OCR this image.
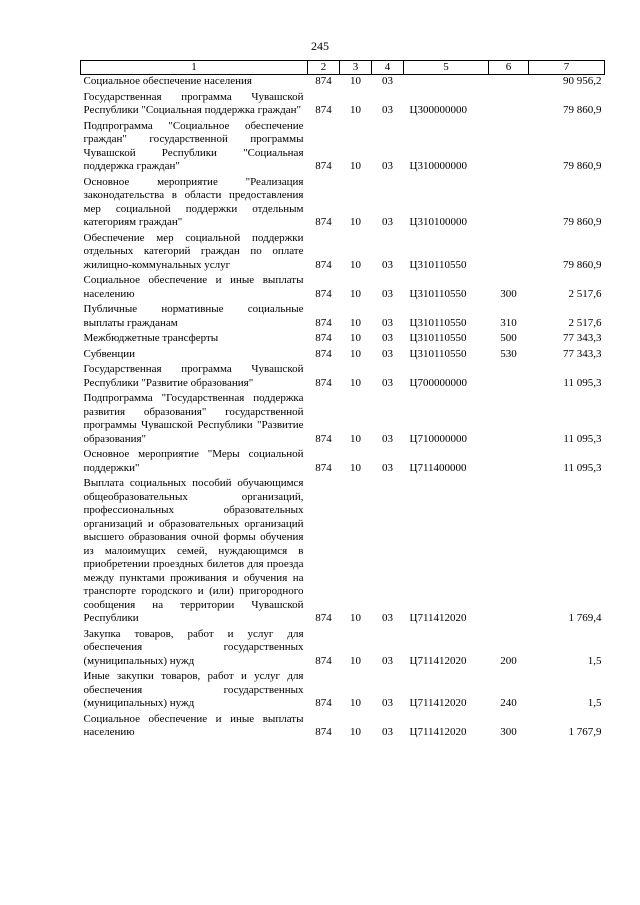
245
1	2	3	4	5	6	7
Социальное обеспечение населения	874	10	03			90 956,2
Государственная программа Чувашской Республики "Социальная поддержка граждан"	874	10	03	Ц300000000		79 860,9
Подпрограмма "Социальное обеспечение граждан" государственной программы Чувашской Республики "Социальная поддержка граждан"	874	10	03	Ц310000000		79 860,9
Основное мероприятие "Реализация законодательства в области предоставления мер социальной поддержки отдельным категориям граждан"	874	10	03	Ц310100000		79 860,9
Обеспечение мер социальной поддержки отдельных категорий граждан по оплате жилищно-коммунальных услуг	874	10	03	Ц310110550		79 860,9
Социальное обеспечение и иные выплаты населению	874	10	03	Ц310110550	300	2 517,6
Публичные нормативные социальные выплаты гражданам	874	10	03	Ц310110550	310	2 517,6
Межбюджетные трансферты	874	10	03	Ц310110550	500	77 343,3
Субвенции	874	10	03	Ц310110550	530	77 343,3
Государственная программа Чувашской Республики "Развитие образования"	874	10	03	Ц700000000		11 095,3
Подпрограмма "Государственная поддержка развития образования" государственной программы Чувашской Республики "Развитие образования"	874	10	03	Ц710000000		11 095,3
Основное мероприятие "Меры социальной поддержки"	874	10	03	Ц711400000		11 095,3
Выплата социальных пособий обучающимся общеобразовательных организаций, профессиональных образовательных организаций и образовательных организаций высшего образования очной формы обучения из малоимущих семей, нуждающимся в приобретении проездных билетов для проезда между пунктами проживания и обучения на транспорте городского и (или) пригородного сообщения на территории Чувашской Республики	874	10	03	Ц711412020		1 769,4
Закупка товаров, работ и услуг для обеспечения государственных (муниципальных) нужд	874	10	03	Ц711412020	200	1,5
Иные закупки товаров, работ и услуг для обеспечения государственных (муниципальных) нужд	874	10	03	Ц711412020	240	1,5
Социальное обеспечение и иные выплаты населению	874	10	03	Ц711412020	300	1 767,9
